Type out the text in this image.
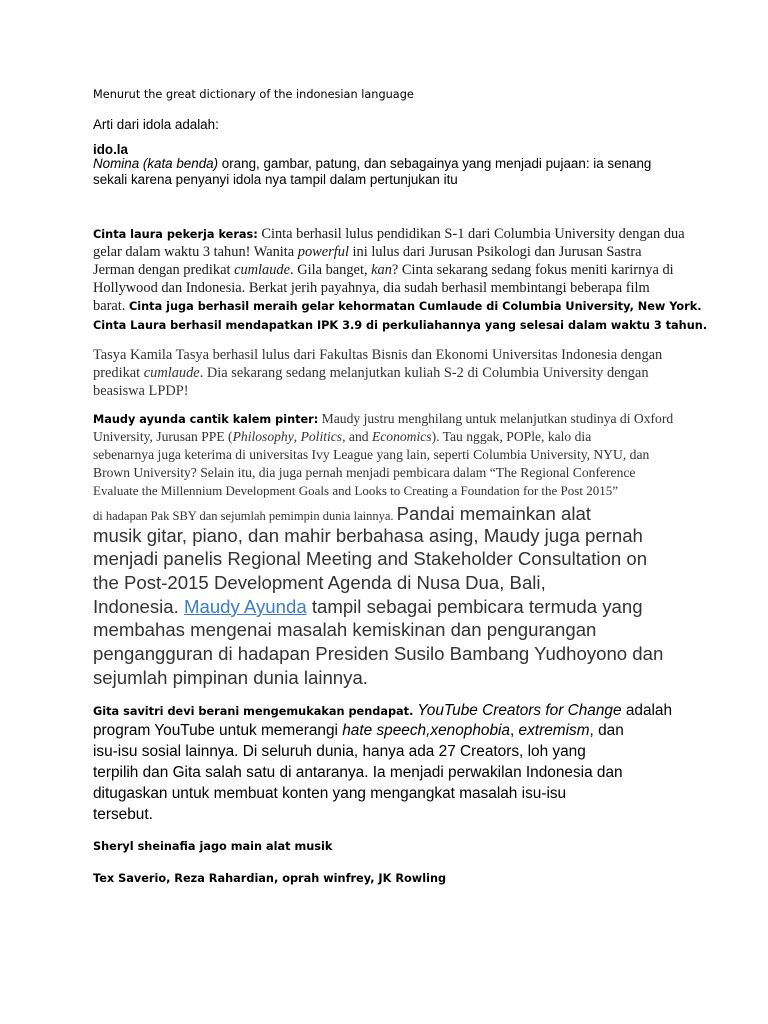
Menurut the great dictionary of the indonesian language
Arti dari idola adalah:
ido.la
Nomina (kata benda) orang, gambar, patung, dan sebagainya yang menjadi pujaan: ia senang
sekali karena penyanyi idola nya tampil dalam pertunjukan itu
Cinta laura pekerja keras: Cinta berhasil lulus pendidikan S-1 dari Columbia University dengan dua
gelar dalam waktu 3 tahun! Wanita powerful ini lulus dari Jurusan Psikologi dan Jurusan Sastra
Jerman dengan predikat cumlaude. Gila banget, kan? Cinta sekarang sedang fokus meniti karirnya di
Hollywood dan Indonesia. Berkat jerih payahnya, dia sudah berhasil membintangi beberapa film
barat. Cinta juga berhasil meraih gelar kehormatan Cumlaude di Columbia University, New York.
Cinta Laura berhasil mendapatkan IPK 3.9 di perkuliahannya yang selesai dalam waktu 3 tahun.
Tasya Kamila Tasya berhasil lulus dari Fakultas Bisnis dan Ekonomi Universitas Indonesia dengan
predikat cumlaude. Dia sekarang sedang melanjutkan kuliah S-2 di Columbia University dengan
beasiswa LPDP!
Maudy ayunda cantik kalem pinter: Maudy justru menghilang untuk melanjutkan studinya di Oxford
University, Jurusan PPE (Philosophy, Politics, and Economics). Tau nggak, POPle, kalo dia
sebenarnya juga keterima di universitas Ivy League yang lain, seperti Columbia University, NYU, dan
Brown University? Selain itu, dia juga pernah menjadi pembicara dalam “The Regional Conference
Evaluate the Millennium Development Goals and Looks to Creating a Foundation for the Post 2015”
di hadapan Pak SBY dan sejumlah pemimpin dunia lainnya. Pandai memainkan alat
musik gitar, piano, dan mahir berbahasa asing, Maudy juga pernah
menjadi panelis Regional Meeting and Stakeholder Consultation on
the Post-2015 Development Agenda di Nusa Dua, Bali,
Indonesia. Maudy Ayunda tampil sebagai pembicara termuda yang
membahas mengenai masalah kemiskinan dan pengurangan
pengangguran di hadapan Presiden Susilo Bambang Yudhoyono dan
sejumlah pimpinan dunia lainnya.
Gita savitri devi berani mengemukakan pendapat. YouTube Creators for Change adalah
program YouTube untuk memerangi hate speech,xenophobia, extremism, dan
isu-isu sosial lainnya. Di seluruh dunia, hanya ada 27 Creators, loh yang
terpilih dan Gita salah satu di antaranya. Ia menjadi perwakilan Indonesia dan
ditugaskan untuk membuat konten yang mengangkat masalah isu-isu
tersebut.
Sheryl sheinafia jago main alat musik
Tex Saverio, Reza Rahardian, oprah winfrey, JK Rowling
